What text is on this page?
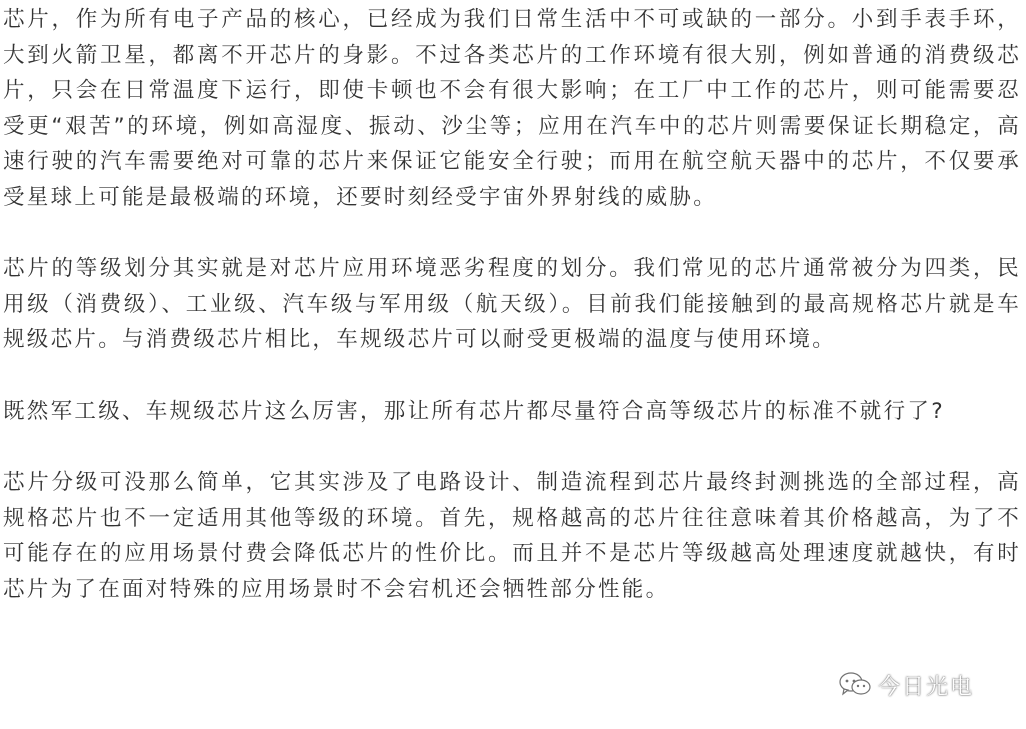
芯片，作为所有电子产品的核心，已经成为我们日常生活中不可或缺的一部分。小到手表手环，大到火箭卫星，都离不开芯片的身影。不过各类芯片的工作环境有很大别，例如普通的消费级芯片，只会在日常温度下运行，即使卡顿也不会有很大影响；在工厂中工作的芯片，则可能需要忍受更“艰苦”的环境，例如高湿度、振动、沙尘等；应用在汽车中的芯片则需要保证长期稳定，高速行驶的汽车需要绝对可靠的芯片来保证它能安全行驶；而用在航空航天器中的芯片，不仅要承受星球上可能是最极端的环境，还要时刻经受宇宙外界射线的威胁。

芯片的等级划分其实就是对芯片应用环境恶劣程度的划分。我们常见的芯片通常被分为四类，民用级（消费级）、工业级、汽车级与军用级（航天级）。目前我们能接触到的最高规格芯片就是车规级芯片。与消费级芯片相比，车规级芯片可以耐受更极端的温度与使用环境。

既然军工级、车规级芯片这么厉害，那让所有芯片都尽量符合高等级芯片的标准不就行了?

芯片分级可没那么简单，它其实涉及了电路设计、制造流程到芯片最终封测挑选的全部过程，高规格芯片也不一定适用其他等级的环境。首先，规格越高的芯片往往意味着其价格越高，为了不可能存在的应用场景付费会降低芯片的性价比。而且并不是芯片等级越高处理速度就越快，有时芯片为了在面对特殊的应用场景时不会宕机还会牺牲部分性能。

今日光电
